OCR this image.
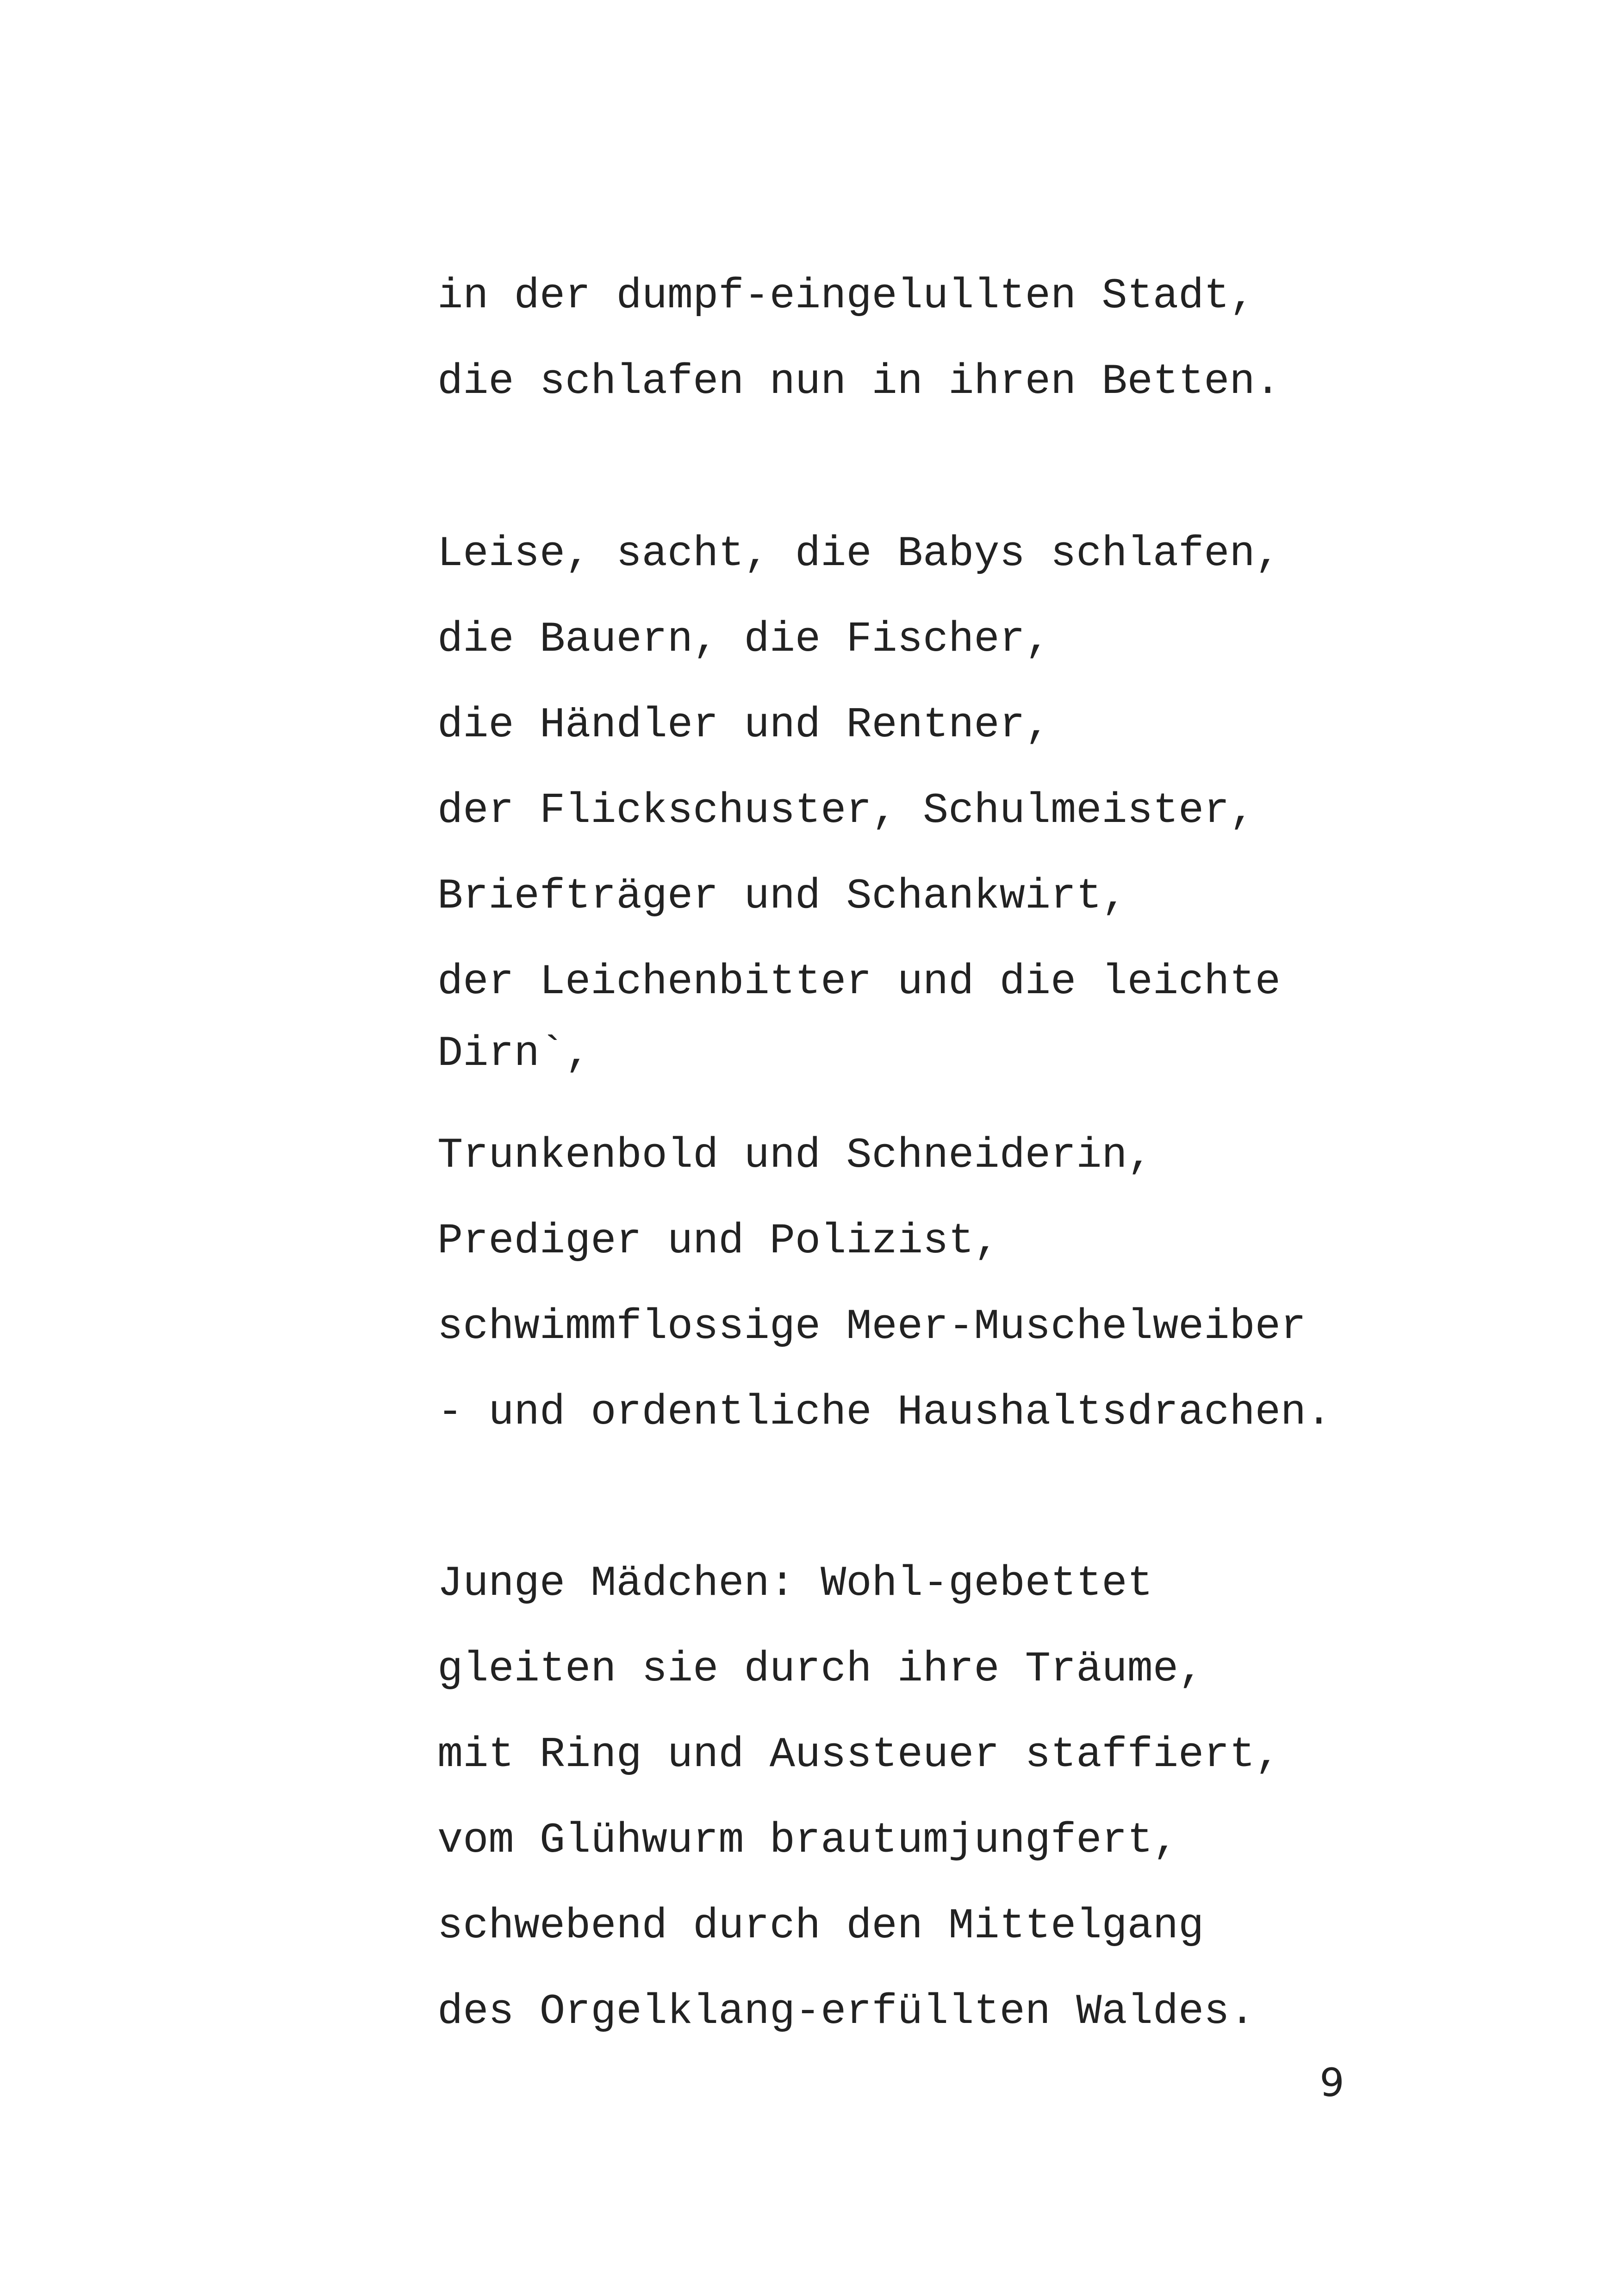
in der dumpf-eingelullten Stadt,

die schlafen nun in ihren Betten.

Leise, sacht, die Babys schlafen,

die Bauern, die Fischer,

die Händler und Rentner,

der Flickschuster, Schulmeister,

Briefträger und Schankwirt,

der Leichenbitter und die leichte

Dirn`,

Trunkenbold und Schneiderin,

Prediger und Polizist,

schwimmflossige Meer-Muschelweiber

- und ordentliche Haushaltsdrachen.

Junge Mädchen: Wohl-gebettet

gleiten sie durch ihre Träume,

mit Ring und Aussteuer staffiert,

vom Glühwurm brautumjungfert,

schwebend durch den Mittelgang

des Orgelklang-erfüllten Waldes.

9
